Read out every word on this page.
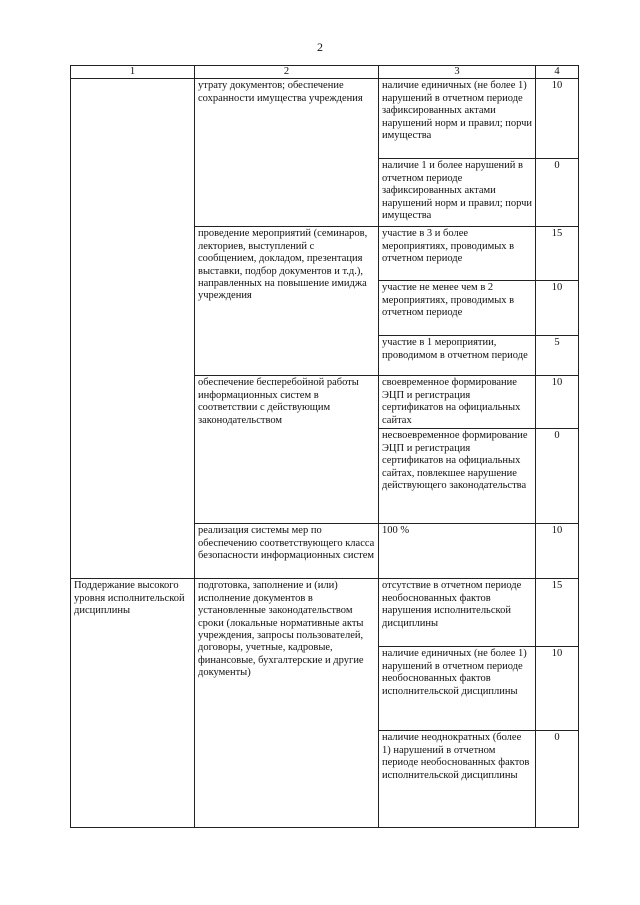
2
1	2	3	4
	утрату документов; обеспечение сохранности имущества учреждения	наличие единичных (не более 1) нарушений в отчетном периоде зафиксированных актами нарушений норм и правил; порчи имущества	10
		наличие 1 и более нарушений в отчетном периоде зафиксированных актами нарушений норм и правил; порчи имущества	0
	проведение мероприятий (семинаров, лекториев, выступлений с сообщением, докладом, презентация выставки, подбор документов и т.д.), направленных на повышение имиджа учреждения	участие в 3 и более мероприятиях, проводимых в отчетном периоде	15
		участие не менее чем в 2 мероприятиях, проводимых в отчетном периоде	10
		участие в 1 мероприятии, проводимом в отчетном периоде	5
	обеспечение бесперебойной работы информационных систем в соответствии с действующим законодательством	своевременное формирование ЭЦП и регистрация сертификатов на официальных сайтах	10
		несвоевременное формирование ЭЦП и регистрация сертификатов на официальных сайтах, повлекшее нарушение действующего законодательства	0
	реализация системы мер по обеспечению соответствующего класса безопасности информационных систем	100 %	10
Поддержание высокого уровня исполнительской дисциплины	подготовка, заполнение и (или) исполнение документов в установленные законодательством сроки (локальные нормативные акты учреждения, запросы пользователей, договоры, учетные, кадровые, финансовые, бухгалтерские и другие документы)	отсутствие в отчетном периоде необоснованных фактов нарушения исполнительской дисциплины	15
		наличие единичных (не более 1) нарушений в отчетном периоде необоснованных фактов исполнительской дисциплины	10
		наличие неоднократных (более 1) нарушений в отчетном периоде необоснованных фактов исполнительской дисциплины	0
